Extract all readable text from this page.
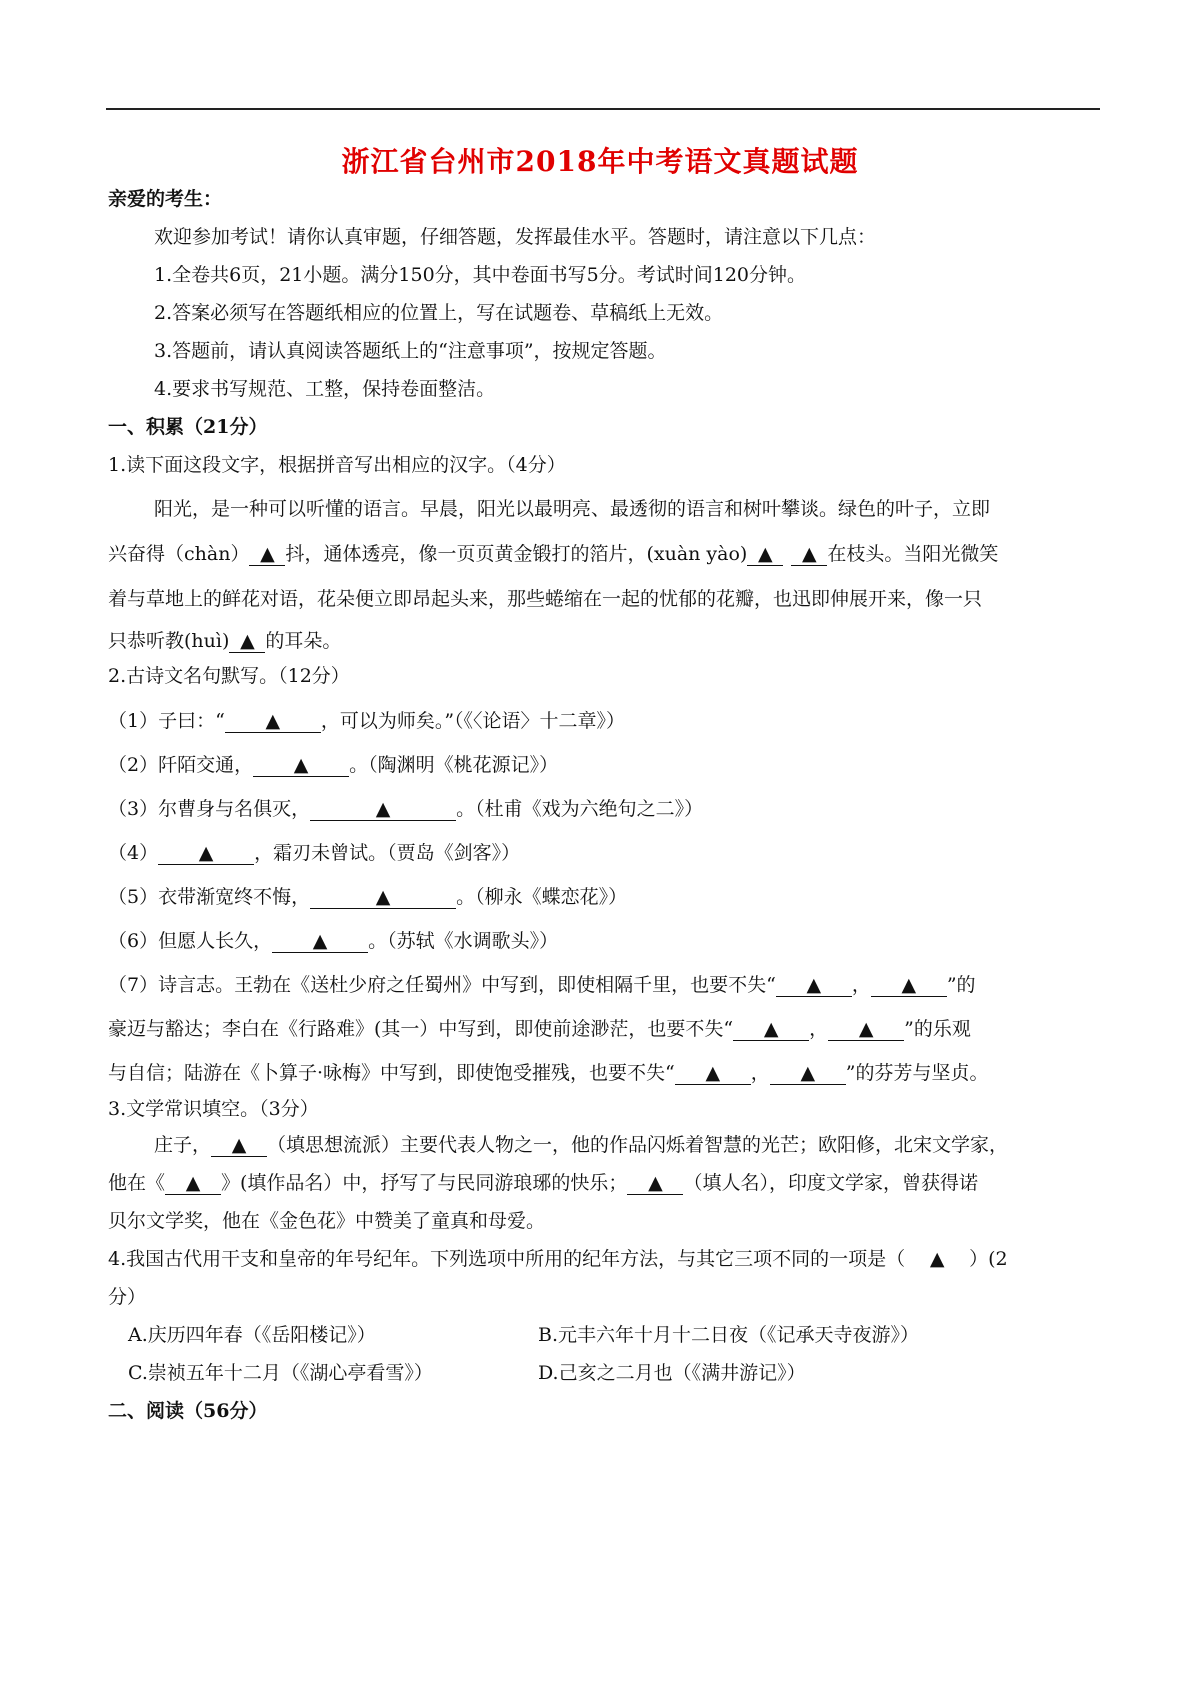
浙江省台州市2018年中考语文真题试题
亲爱的考生：
欢迎参加考试！请你认真审题，仔细答题，发挥最佳水平。答题时，请注意以下几点：
1.全卷共6页，21小题。满分150分，其中卷面书写5分。考试时间120分钟。
2.答案必须写在答题纸相应的位置上，写在试题卷、草稿纸上无效。
3.答题前，请认真阅读答题纸上的“注意事项”，按规定答题。
4.要求书写规范、工整，保持卷面整洁。
一、积累（21分）
1.读下面这段文字，根据拼音写出相应的汉字。（4分）
阳光，是一种可以听懂的语言。早晨，阳光以最明亮、最透彻的语言和树叶攀谈。绿色的叶子，立即
兴奋得（chàn） ▲ 抖，通体透亮，像一页页黄金锻打的箔片，(xuàn yào) ▲ ▲ 在枝头。当阳光微笑
着与草地上的鲜花对语，花朵便立即昂起头来，那些蜷缩在一起的忧郁的花瓣，也迅即伸展开来，像一只
只恭听教(huì) ▲ 的耳朵。
2.古诗文名句默写。（12分）
（1）子曰：“ ▲ ，可以为师矣。”（《〈论语〉十二章》）
（2）阡陌交通， ▲ 。（陶渊明《桃花源记》）
（3）尔曹身与名俱灭，	▲	。（杜甫《戏为六绝句之二》）
（4） ▲ ，霜刃未曾试。（贾岛《剑客》）
（5）衣带渐宽终不悔，	▲	。（柳永《蝶恋花》）
（6）但愿人长久， ▲ 。（苏轼《水调歌头》）
（7）诗言志。王勃在《送杜少府之任蜀州》中写到，即使相隔千里，也要不失“ ▲ ， ▲ ”的
豪迈与豁达；李白在《行路难》(其一）中写到，即使前途渺茫，也要不失“ ▲ ， ▲ ”的乐观
与自信；陆游在《卜算子·咏梅》中写到，即使饱受摧残，也要不失“ ▲ ， ▲ ”的芬芳与坚贞。
3.文学常识填空。（3分）
庄子， ▲ （填思想流派）主要代表人物之一，他的作品闪烁着智慧的光芒；欧阳修，北宋文学家，
他在《 ▲ 》(填作品名）中，抒写了与民同游琅琊的快乐； ▲ （填人名），印度文学家，曾获得诺
贝尔文学奖，他在《金色花》中赞美了童真和母爱。
4.我国古代用干支和皇帝的年号纪年。下列选项中所用的纪年方法，与其它三项不同的一项是（ ▲ ）(2
分）
A.庆历四年春（《岳阳楼记》）	B.元丰六年十月十二日夜（《记承天寺夜游》）
C.崇祯五年十二月（《湖心亭看雪》）	D.己亥之二月也（《满井游记》）
二、阅读（56分）
